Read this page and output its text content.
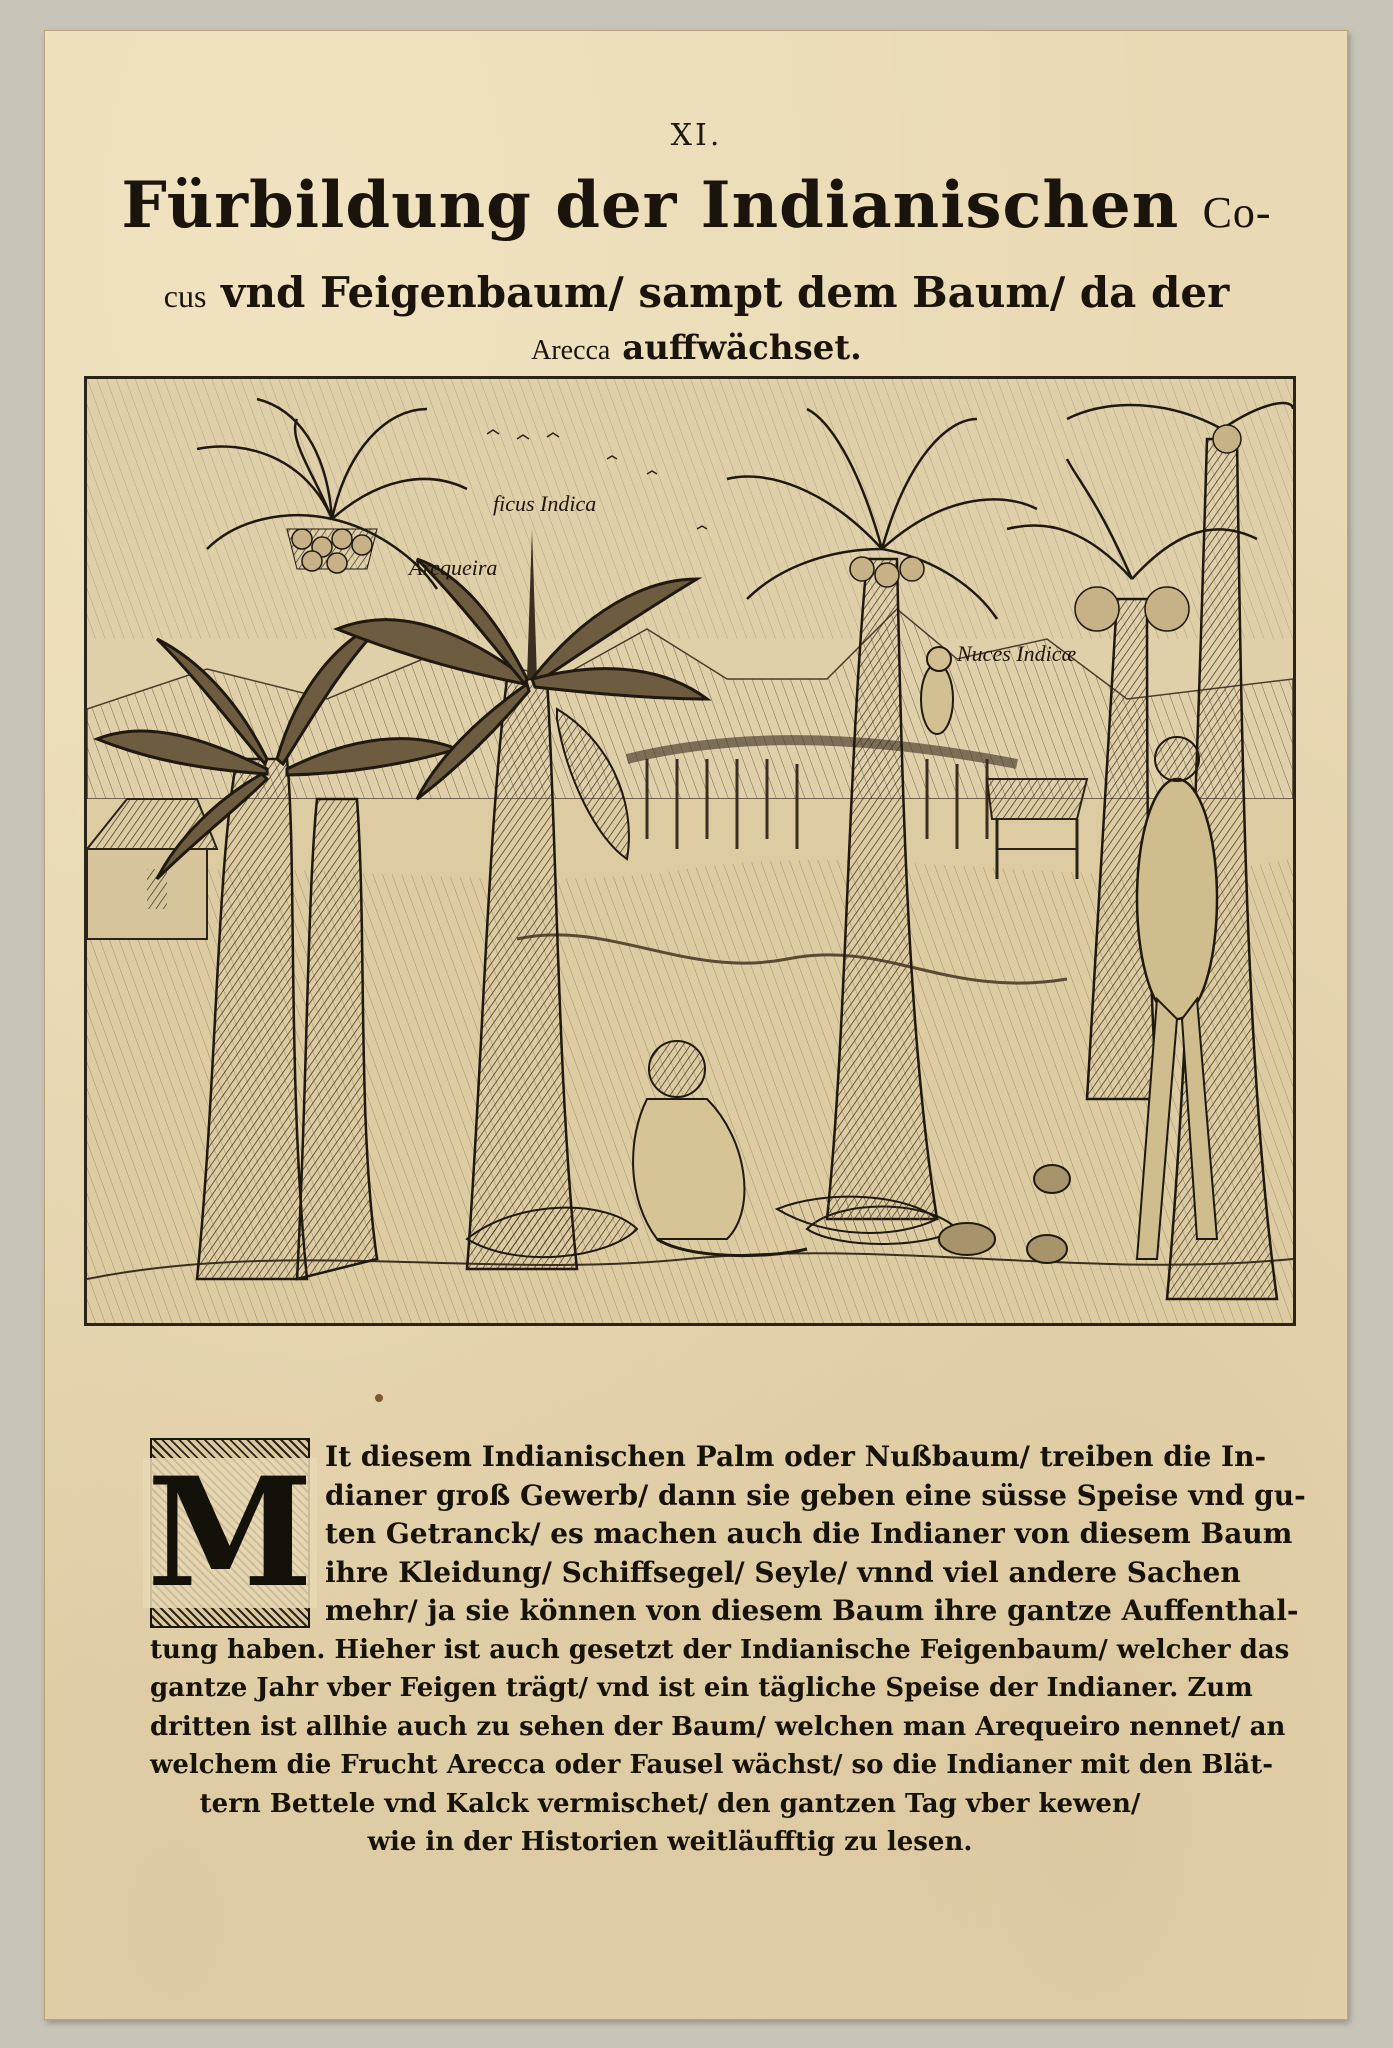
XI.
Fürbildung der Indianischen Co-
cus vnd Feigenbaum/ sampt dem Baum/ da der
Arecca auffwächset.
ficus Indica
Arequeira
Nuces Indicæ
M It diesem Indianischen Palm oder Nußbaum/ treiben die In-
dianer groß Gewerb/ dann sie geben eine süsse Speise vnd gu-
ten Getranck/ es machen auch die Indianer von diesem Baum
ihre Kleidung/ Schiffsegel/ Seyle/ vnnd viel andere Sachen
mehr/ ja sie können von diesem Baum ihre gantze Auffenthal-
tung haben. Hieher ist auch gesetzt der Indianische Feigenbaum/ welcher das
gantze Jahr vber Feigen trägt/ vnd ist ein tägliche Speise der Indianer. Zum
dritten ist allhie auch zu sehen der Baum/ welchen man Arequeiro nennet/ an
welchem die Frucht Arecca oder Fausel wächst/ so die Indianer mit den Blät-
tern Bettele vnd Kalck vermischet/ den gantzen Tag vber kewen/
wie in der Historien weitläufftig zu lesen.
